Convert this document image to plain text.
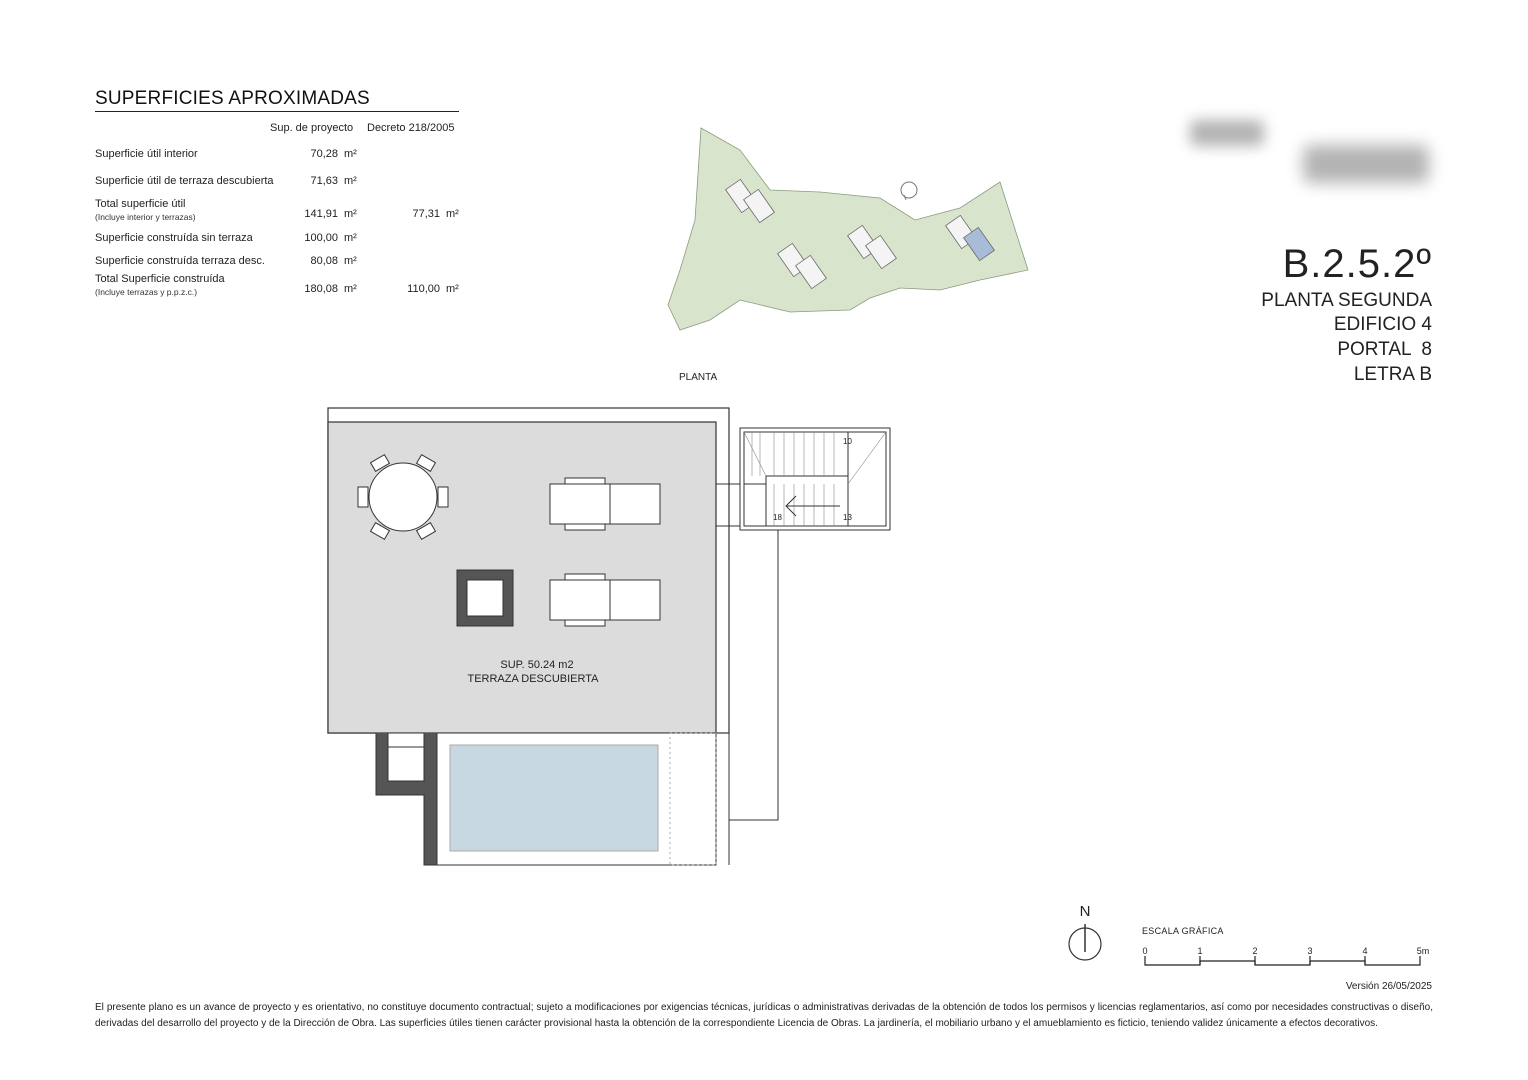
SUPERFICIES APROXIMADAS
Sup. de proyecto Decreto 218/2005
Superficie útil interior	70,28 m²
Superficie útil de terraza descubierta	71,63 m²
Total superficie útil
(Incluye interior y terrazas)	141,91 m²	77,31 m²
Superficie construída sin terraza	100,00 m²
Superficie construída terraza desc.	80,08 m²
Total Superficie construída
(Incluye terrazas y p.p.z.c.)	180,08 m²	110,00 m²
B.2.5.2º
PLANTA SEGUNDA
EDIFICIO 4
PORTAL  8
LETRA B
PLANTA
SUP. 50.24 m2
TERRAZA DESCUBIERTA
10
18	13
N
ESCALA GRÁFICA
0	1	2	3	4	5m
Versión 26/05/2025
El presente plano es un avance de proyecto y es orientativo, no constituye documento contractual; sujeto a modificaciones por exigencias técnicas, jurídicas o administrativas derivadas de la obtención de todos los permisos y licencias reglamentarios, así como por necesidades constructivas o diseño, derivadas del desarrollo del proyecto y de la Dirección de Obra. Las superficies útiles tienen carácter provisional hasta la obtención de la correspondiente Licencia de Obras. La jardinería, el mobiliario urbano y el amueblamiento es ficticio, teniendo validez únicamente a efectos decorativos.
